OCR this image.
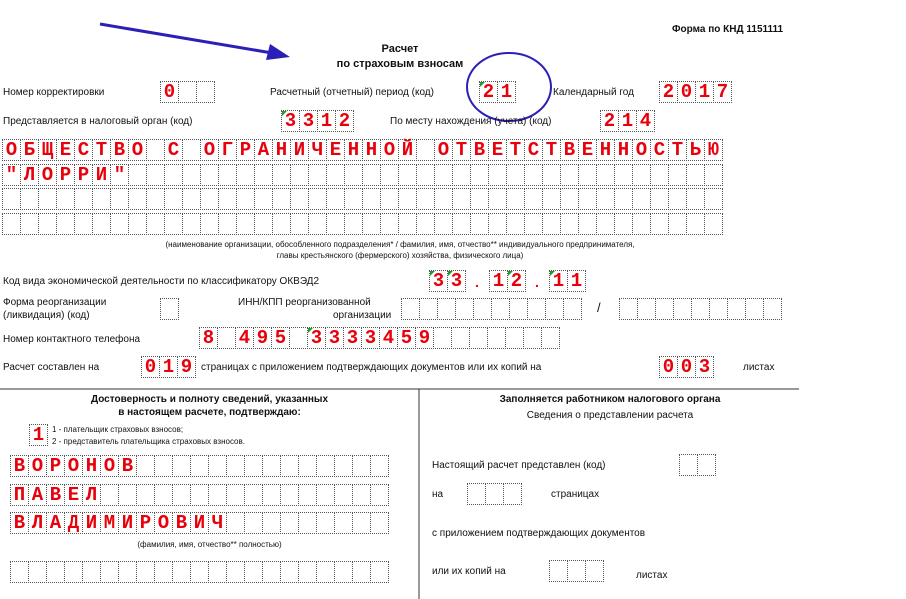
Форма по КНД 1151111
Расчет
по страховым взносам
Номер корректировки	0	Расчетный (отчетный) период (код)	2 1	Календарный год 2 0 1 7
Представляется в налоговый орган (код)	3 3 1 2	По месту нахождения (учета) (код)	2 1 4
О Б Щ Е С Т В О С О Г Р А Н И Ч Е Н Н О Й О Т В Е Т С Т В Е Н Н О С Т Ь Ю
" Л О Р Р И "
(наименование организации, обособленного подразделения* / фамилия, имя, отчество** индивидуального предпринимателя,
главы крестьянского (фермерского) хозяйства, физического лица)
Код вида экономической деятельности по классификатору ОКВЭД2	3 3 . 1 2 . 1 1
Форма реорганизации
(ликвидация) (код)
ИНН/КПП реорганизованной
организации
/
Номер контактного телефона	8 4 9 5 3 3 3 3 4 5 9
Расчет составлен на 0 1 9 страницах с приложением подтверждающих документов или их копий на	0 0 3	листах
Достоверность и полноту сведений, указанных
в настоящем расчете, подтверждаю:
1 1 - плательщик страховых взносов;
2 - представитель плательщика страховых взносов.
В О Р О Н О В
П А В Е Л
В Л А Д И М И Р О В И Ч
(фамилия, имя, отчество** полностью)
Заполняется работником налогового органа
Сведения о представлении расчета
Настоящий расчет представлен (код)
на	страницах
с приложением подтверждающих документов
или их копий на	листах
